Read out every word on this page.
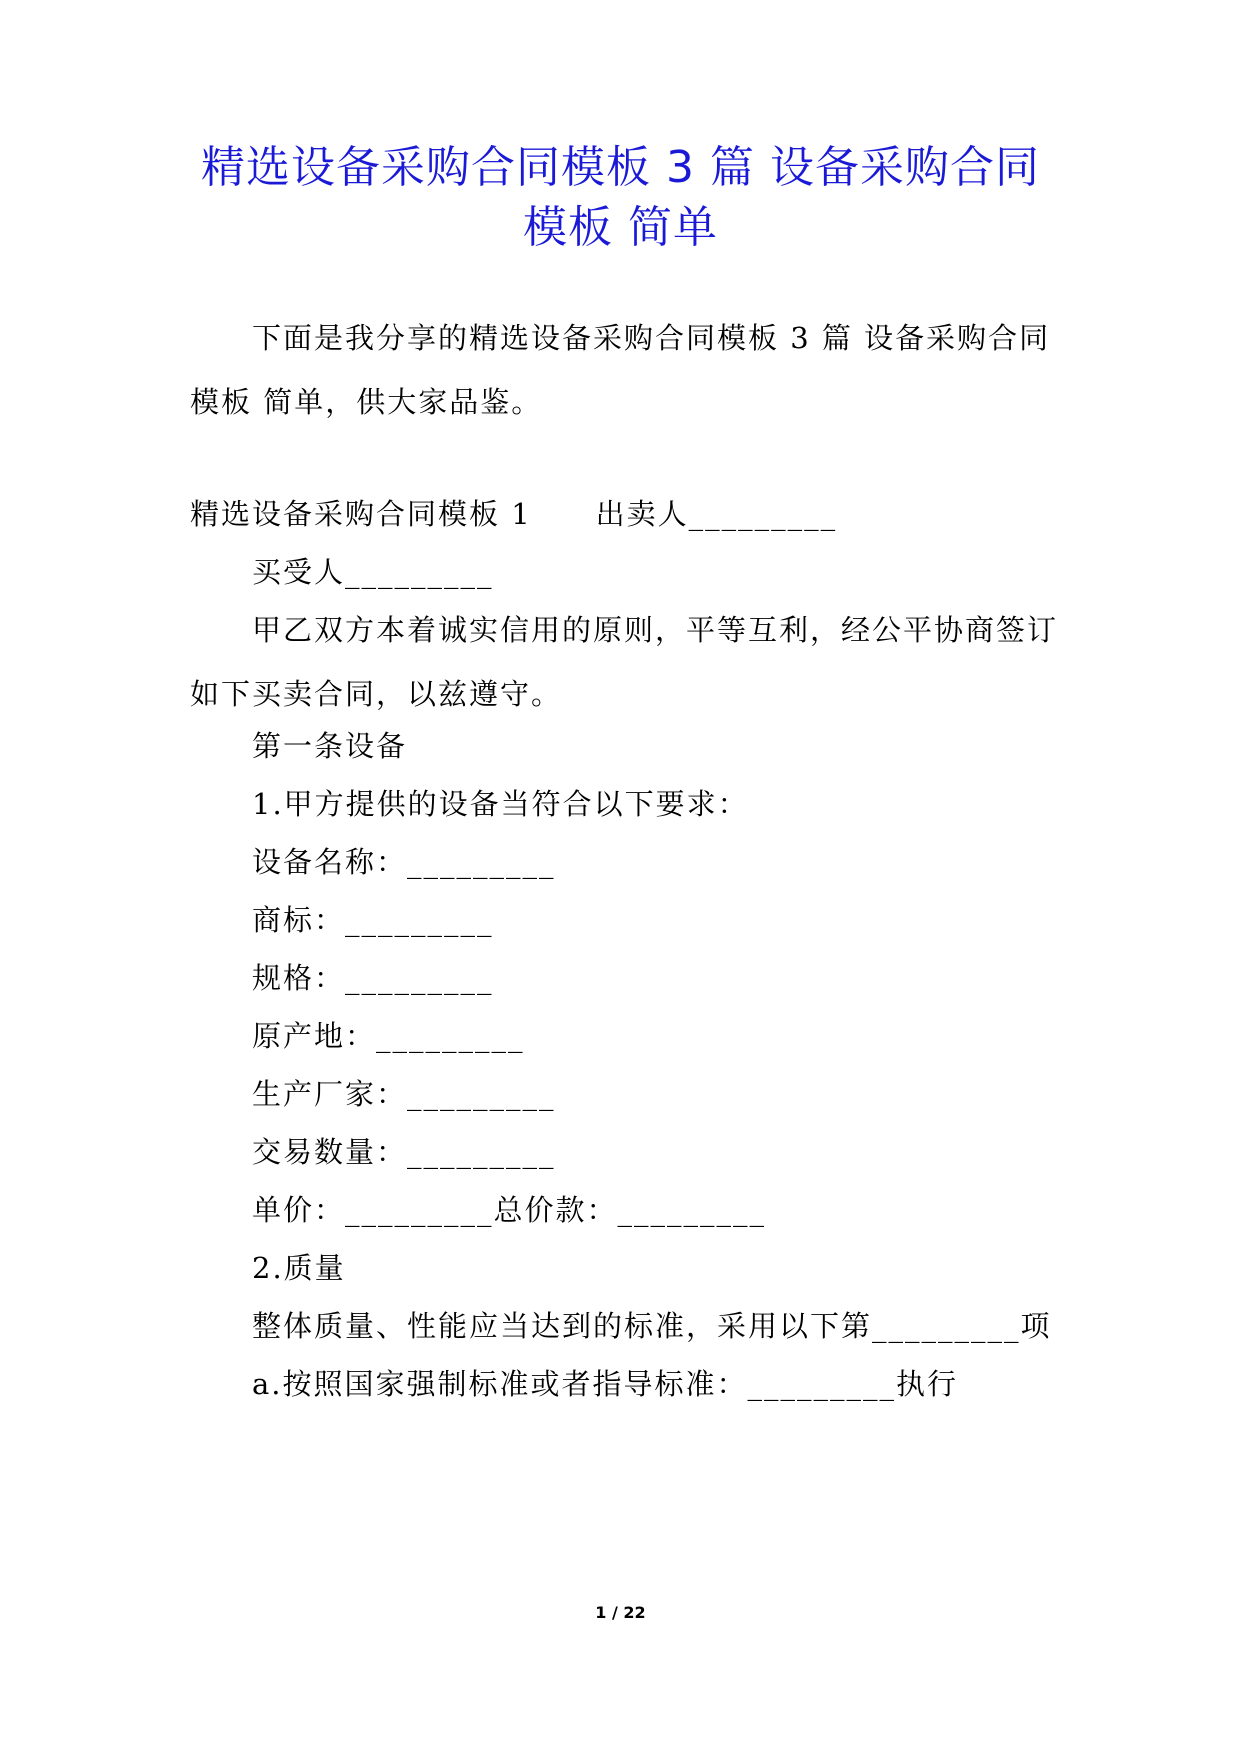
精选设备采购合同模板 3 篇 设备采购合同
模板 简单
下面是我分享的精选设备采购合同模板 3 篇 设备采购合同
模板 简单，供大家品鉴。
精选设备采购合同模板 1 出卖人_________
买受人_________
甲乙双方本着诚实信用的原则，平等互利，经公平协商签订
如下买卖合同，以兹遵守。
第一条设备
1.甲方提供的设备当符合以下要求：
设备名称：_________
商标：_________
规格：_________
原产地：_________
生产厂家：_________
交易数量：_________
单价：_________总价款：_________
2.质量
整体质量、性能应当达到的标准，采用以下第_________项
a.按照国家强制标准或者指导标准：_________执行
1 / 22
